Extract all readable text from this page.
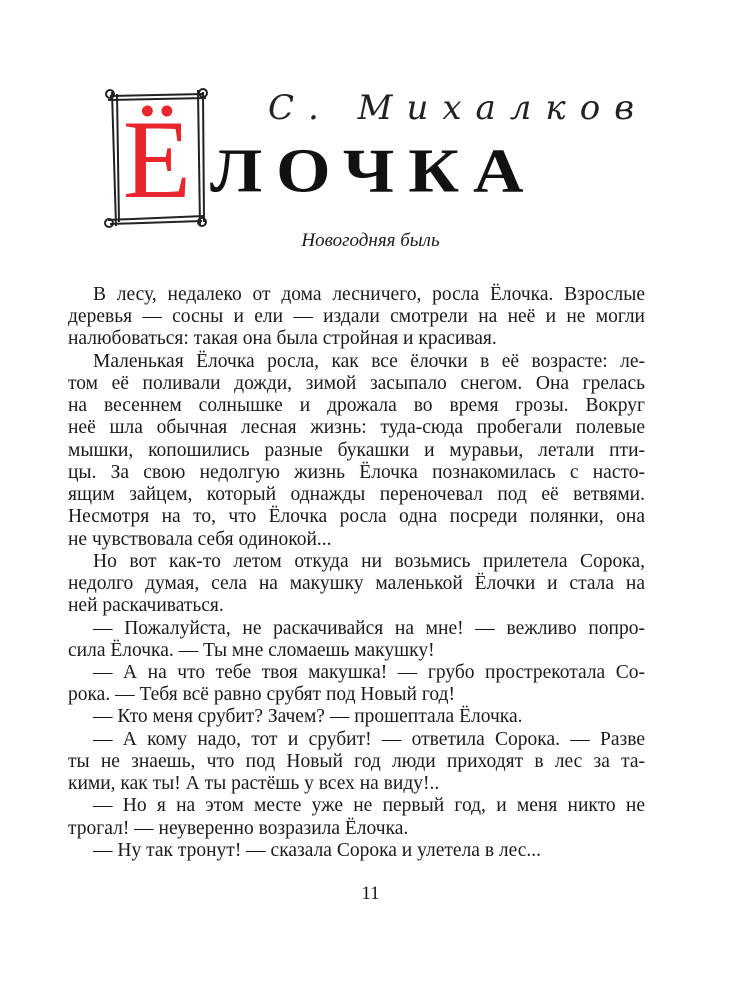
Ё С. Михалков
ЛОЧКА
Новогодняя быль
В лесу, недалеко от дома лесничего, росла Ёлочка. Взрослые
деревья — сосны и ели — издали смотрели на неё и не могли
налюбоваться: такая она была стройная и красивая.
Маленькая Ёлочка росла, как все ёлочки в её возрасте: ле-
том её поливали дожди, зимой засыпало снегом. Она грелась
на весеннем солнышке и дрожала во время грозы. Вокруг
неё шла обычная лесная жизнь: туда-сюда пробегали полевые
мышки, копошились разные букашки и муравьи, летали пти-
цы. За свою недолгую жизнь Ёлочка познакомилась с насто-
ящим зайцем, который однажды переночевал под её ветвями.
Несмотря на то, что Ёлочка росла одна посреди полянки, она
не чувствовала себя одинокой...
Но вот как-то летом откуда ни возьмись прилетела Сорока,
недолго думая, села на макушку маленькой Ёлочки и стала на
ней раскачиваться.
— Пожалуйста, не раскачивайся на мне! — вежливо попро-
сила Ёлочка. — Ты мне сломаешь макушку!
— А на что тебе твоя макушка! — грубо прострекотала Со-
рока. — Тебя всё равно срубят под Новый год!
— Кто меня срубит? Зачем? — прошептала Ёлочка.
— А кому надо, тот и срубит! — ответила Сорока. — Разве
ты не знаешь, что под Новый год люди приходят в лес за та-
кими, как ты! А ты растёшь у всех на виду!..
— Но я на этом месте уже не первый год, и меня никто не
трогал! — неуверенно возразила Ёлочка.
— Ну так тронут! — сказала Сорока и улетела в лес...
11
